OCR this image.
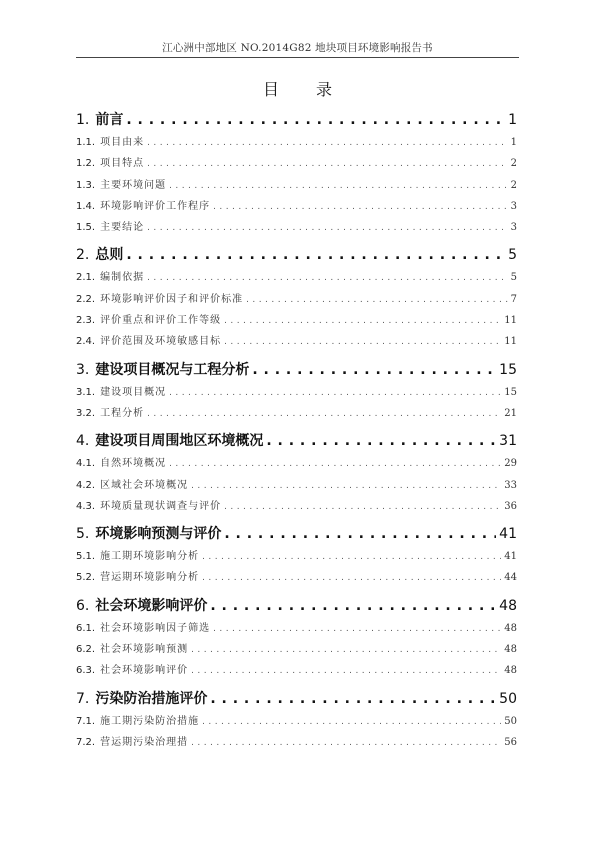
江心洲中部地区 NO.2014G82 地块项目环境影响报告书
目 录
1. 前言 . . .	1
1.1. 项目由来 . . .	1
1.2. 项目特点 . . .	2
1.3. 主要环境问题 . . .	2
1.4. 环境影响评价工作程序 . . .	3
1.5. 主要结论 . . .	3
2. 总则 . . .	5
2.1. 编制依据 . . .	5
2.2. 环境影响评价因子和评价标准 . . .	7
2.3. 评价重点和评价工作等级 . . .	11
2.4. 评价范围及环境敏感目标 . . .	11
3. 建设项目概况与工程分析 . . .	15
3.1. 建设项目概况 . . .	15
3.2. 工程分析 . . .	21
4. 建设项目周围地区环境概况 . . .	31
4.1. 自然环境概况 . . .	29
4.2. 区域社会环境概况 . . .	33
4.3. 环境质量现状调查与评价 . . .	36
5. 环境影响预测与评价 . . .	41
5.1. 施工期环境影响分析 . . .	41
5.2. 营运期环境影响分析 . . .	44
6. 社会环境影响评价 . . .	48
6.1. 社会环境影响因子筛选 . . .	48
6.2. 社会环境影响预测 . . .	48
6.3. 社会环境影响评价 . . .	48
7. 污染防治措施评价 . . .	50
7.1. 施工期污染防治措施 . . .	50
7.2. 营运期污染治理措 . . .	56
